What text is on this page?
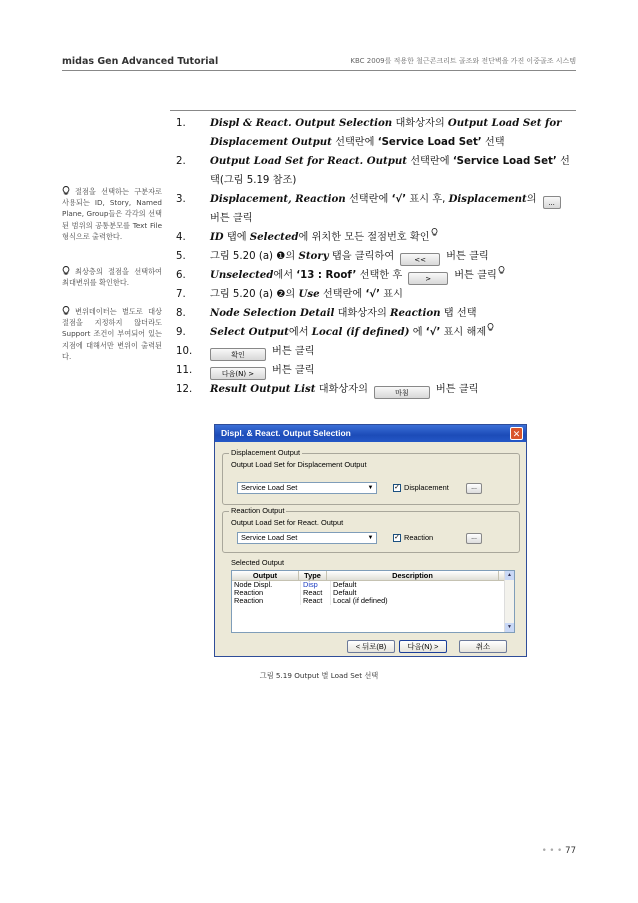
midas Gen Advanced Tutorial	KBC 2009를 적용한 철근콘크리트 골조와 전단벽을 가진 이중골조 시스템
절점을 선택하는 구분자로 사용되는 ID, Story, Named Plane, Group들은 각각의 선택된 범위의 공통분모를 Text File 형식으로 출력한다.
최상층의 절점을 선택하여 최대변위를 확인한다.
변위데이터는 별도로 대상 절점을 지정하지 않더라도 Support 조건이 부여되어 있는 지점에 대해서만 변위이 출력된다.
1.	Displ & React. Output Selection 대화상자의 Output Load Set for Displacement Output 선택란에 ‘Service Load Set’ 선택
2.	Output Load Set for React. Output 선택란에 ‘Service Load Set’ 선택(그림 5.19 참조)
3.	Displacement, Reaction 선택란에 ‘√’ 표시 후, Displacement의 ...버튼 클릭
4.	ID 탭에 Selected에 위치한 모든 절점번호 확인
5.	그림 5.20 (a) ❶의 Story 탭을 클릭하여	<< 버튼 클릭
6.	Unselected에서 ‘13 : Roof’ 선택한 후	> 버튼 클릭
7.	그림 5.20 (a) ❷의 Use 선택란에 ‘√’ 표시
8.	Node Selection Detail 대화상자의 Reaction 탭 선택
9.	Select Output에서 Local (if defined) 에 ‘√’ 표시 해제
10.	확인	버튼 클릭
11.	다음(N) > 버튼 클릭
12.	Result Output List 대화상자의	마침	버튼 클릭
Displ. & React. Output Selection	✕
Displacement Output
Output Load Set for Displacement Output
Service Load Set	▼	✓ Displacement	...
Reaction Output
Output Load Set for React. Output
Service Load Set	▼	✓ Reaction	...
Selected Output
Output	Type	Description
Node Displ.	Disp	Default
Reaction	React	Default
Reaction	React	Local (if defined)
▲
▼
< 뒤로(B)	다음(N) >	취소
그림 5.19 Output 별 Load Set 선택
• • • 77
